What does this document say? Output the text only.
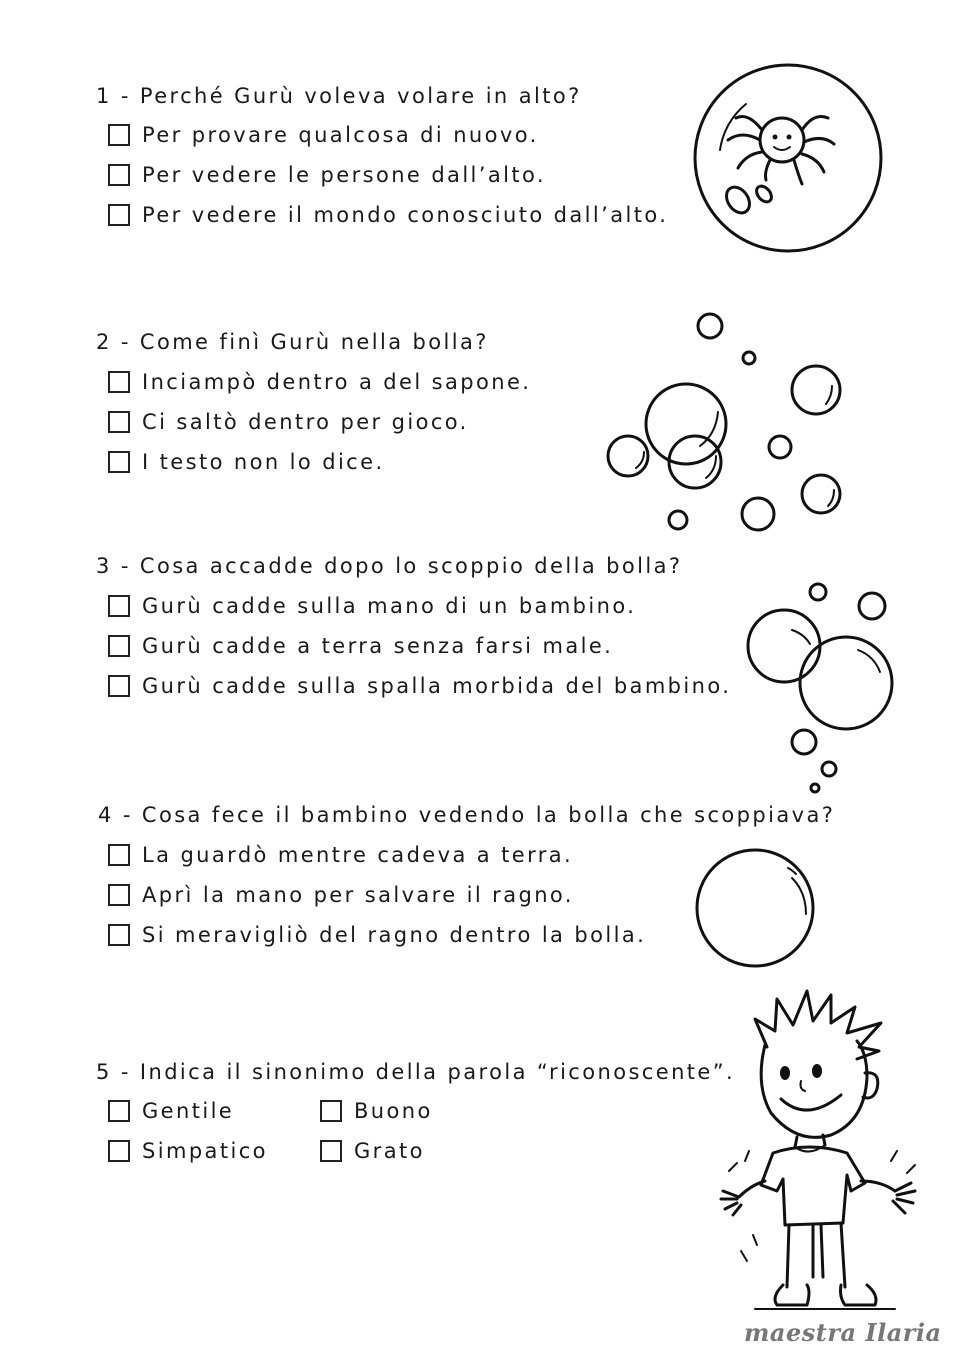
1 - Perché Gurù voleva volare in alto?
Per provare qualcosa di nuovo.
Per vedere le persone dall’alto.
Per vedere il mondo conosciuto dall’alto.
2 - Come finì Gurù nella bolla?
Inciampò dentro a del sapone.
Ci saltò dentro per gioco.
I testo non lo dice.
3 - Cosa accadde dopo lo scoppio della bolla?
Gurù cadde sulla mano di un bambino.
Gurù cadde a terra senza farsi male.
Gurù cadde sulla spalla morbida del bambino.
4 - Cosa fece il bambino vedendo la bolla che scoppiava?
La guardò mentre cadeva a terra.
Aprì la mano per salvare il ragno.
Si meravigliò del ragno dentro la bolla.
5 - Indica il sinonimo della parola “riconoscente”.
Gentile	Buono
Simpatico	Grato
maestra Ilaria
